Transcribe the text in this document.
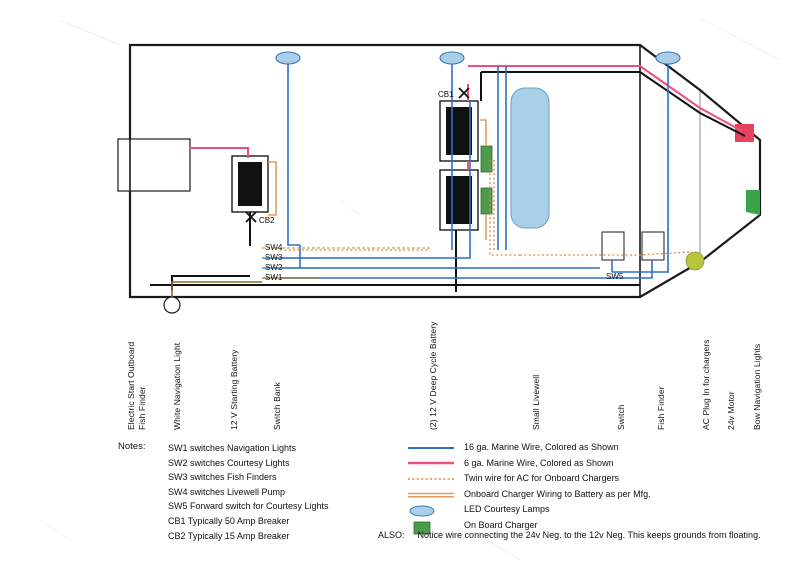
CB1
CB2
SW4
SW3
SW2
SW1	SW5
Electric Start Outboard Fish Finder	White Navigation Light	12 V Starting Battery	Switch Bank	(2) 12 V Deep Cycle Battery	Small Livewell	Switch	Fish Finder	AC Plug In for chargers 24v Motor Bow Navigation Lights
Notes:	SW1 switches Navigation Lights
SW2 switches Courtesy Lights
SW3 switches Fish Finders
SW4 switches Livewell Pump
SW5 Forward switch for Courtesy Lights
CB1 Typically 50 Amp Breaker
CB2 Typically 15 Amp Breaker
16 ga. Marine Wire, Colored as Shown
6 ga. Marine Wire, Colored as Shown
Twin wire for AC for Onboard Chargers
Onboard Charger Wiring to Battery as per Mfg.
LED Courtesy Lamps
On Board Charger
ALSO: Notice wire connecting the 24v Neg. to the 12v Neg. This keeps grounds from floating.
